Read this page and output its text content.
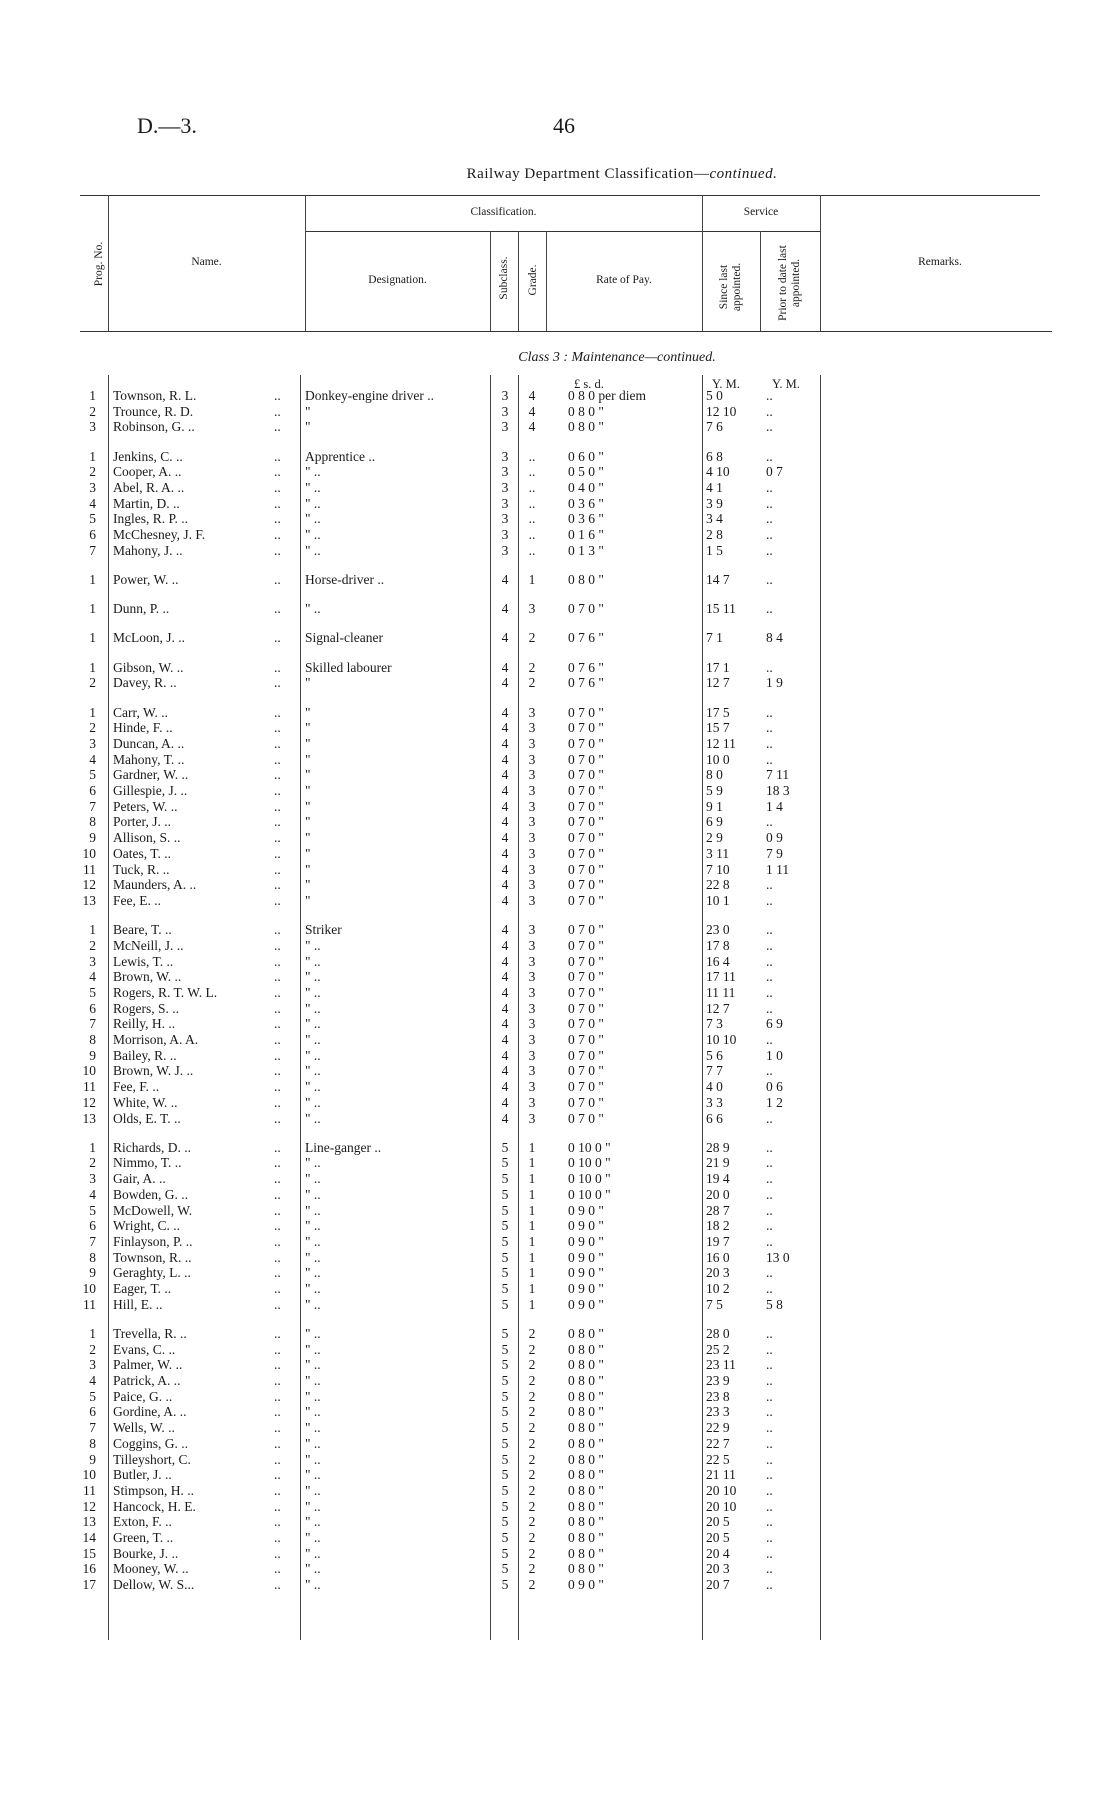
D.—3.	46
Railway Department Classification—continued.
Prog. No.	Name.
Classification.
Designation.	Subclass. Grade.	Rate of Pay.
Service
Since last appointed.	Prior to date last appointed.	Remarks.
Class 3 : Maintenance—continued.
£ s. d.	Y. M.	Y. M.
1 Townson, R. L.	..	Donkey-engine driver ..	3	4	0 8 0 per diem	5 0	..
2 Trounce, R. D.	..	"	3	4	0 8 0 "	12 10	..
3 Robinson, G. ..	..	"	3	4	0 8 0 "	7 6	..
1 Jenkins, C. ..	..	Apprentice ..	3	..	0 6 0 "	6 8	..
2 Cooper, A. ..	..	" ..	3	..	0 5 0 "	4 10	0 7
3 Abel, R. A. ..	..	" ..	3	..	0 4 0 "	4 1	..
4 Martin, D. ..	..	" ..	3	..	0 3 6 "	3 9	..
5 Ingles, R. P. ..	..	" ..	3	..	0 3 6 "	3 4	..
6 McChesney, J. F.	..	" ..	3	..	0 1 6 "	2 8	..
7 Mahony, J. ..	..	" ..	3	..	0 1 3 "	1 5	..
1 Power, W. ..	..	Horse-driver ..	4	1	0 8 0 "	14 7	..
1 Dunn, P. ..	..	" ..	4	3	0 7 0 "	15 11	..
1 McLoon, J. ..	..	Signal-cleaner	4	2	0 7 6 "	7 1	8 4
1 Gibson, W. ..	..	Skilled labourer	4	2	0 7 6 "	17 1	..
2 Davey, R. ..	..	"	4	2	0 7 6 "	12 7	1 9
1 Carr, W. ..	..	"	4	3	0 7 0 "	17 5	..
2 Hinde, F. ..	..	"	4	3	0 7 0 "	15 7	..
3 Duncan, A. ..	..	"	4	3	0 7 0 "	12 11	..
4 Mahony, T. ..	..	"	4	3	0 7 0 "	10 0	..
5 Gardner, W. ..	..	"	4	3	0 7 0 "	8 0	7 11
6 Gillespie, J. ..	..	"	4	3	0 7 0 "	5 9	18 3
7 Peters, W. ..	..	"	4	3	0 7 0 "	9 1	1 4
8 Porter, J. ..	..	"	4	3	0 7 0 "	6 9	..
9 Allison, S. ..	..	"	4	3	0 7 0 "	2 9	0 9
10 Oates, T. ..	..	"	4	3	0 7 0 "	3 11	7 9
11 Tuck, R. ..	..	"	4	3	0 7 0 "	7 10	1 11
12 Maunders, A. ..	..	"	4	3	0 7 0 "	22 8	..
13 Fee, E. ..	..	"	4	3	0 7 0 "	10 1	..
1 Beare, T. ..	..	Striker	4	3	0 7 0 "	23 0	..
2 McNeill, J. ..	..	" ..	4	3	0 7 0 "	17 8	..
3 Lewis, T. ..	..	" ..	4	3	0 7 0 "	16 4	..
4 Brown, W. ..	..	" ..	4	3	0 7 0 "	17 11	..
5 Rogers, R. T. W. L.	..	" ..	4	3	0 7 0 "	11 11	..
6 Rogers, S. ..	..	" ..	4	3	0 7 0 "	12 7	..
7 Reilly, H. ..	..	" ..	4	3	0 7 0 "	7 3	6 9
8 Morrison, A. A.	..	" ..	4	3	0 7 0 "	10 10	..
9 Bailey, R. ..	..	" ..	4	3	0 7 0 "	5 6	1 0
10 Brown, W. J. ..	..	" ..	4	3	0 7 0 "	7 7	..
11 Fee, F. ..	..	" ..	4	3	0 7 0 "	4 0	0 6
12 White, W. ..	..	" ..	4	3	0 7 0 "	3 3	1 2
13 Olds, E. T. ..	..	" ..	4	3	0 7 0 "	6 6	..
1 Richards, D. ..	..	Line-ganger ..	5	1	0 10 0 "	28 9	..
2 Nimmo, T. ..	..	" ..	5	1	0 10 0 "	21 9	..
3 Gair, A. ..	..	" ..	5	1	0 10 0 "	19 4	..
4 Bowden, G. ..	..	" ..	5	1	0 10 0 "	20 0	..
5 McDowell, W.	..	" ..	5	1	0 9 0 "	28 7	..
6 Wright, C. ..	..	" ..	5	1	0 9 0 "	18 2	..
7 Finlayson, P. ..	..	" ..	5	1	0 9 0 "	19 7	..
8 Townson, R. ..	..	" ..	5	1	0 9 0 "	16 0	13 0
9 Geraghty, L. ..	..	" ..	5	1	0 9 0 "	20 3	..
10 Eager, T. ..	..	" ..	5	1	0 9 0 "	10 2	..
11 Hill, E. ..	..	" ..	5	1	0 9 0 "	7 5	5 8
1 Trevella, R. ..	..	" ..	5	2	0 8 0 "	28 0	..
2 Evans, C. ..	..	" ..	5	2	0 8 0 "	25 2	..
3 Palmer, W. ..	..	" ..	5	2	0 8 0 "	23 11	..
4 Patrick, A. ..	..	" ..	5	2	0 8 0 "	23 9	..
5 Paice, G. ..	..	" ..	5	2	0 8 0 "	23 8	..
6 Gordine, A. ..	..	" ..	5	2	0 8 0 "	23 3	..
7 Wells, W. ..	..	" ..	5	2	0 8 0 "	22 9	..
8 Coggins, G. ..	..	" ..	5	2	0 8 0 "	22 7	..
9 Tilleyshort, C.	..	" ..	5	2	0 8 0 "	22 5	..
10 Butler, J. ..	..	" ..	5	2	0 8 0 "	21 11	..
11 Stimpson, H. ..	..	" ..	5	2	0 8 0 "	20 10	..
12 Hancock, H. E.	..	" ..	5	2	0 8 0 "	20 10	..
13 Exton, F. ..	..	" ..	5	2	0 8 0 "	20 5	..
14 Green, T. ..	..	" ..	5	2	0 8 0 "	20 5	..
15 Bourke, J. ..	..	" ..	5	2	0 8 0 "	20 4	..
16 Mooney, W. ..	..	" ..	5	2	0 8 0 "	20 3	..
17 Dellow, W. S...	..	" ..	5	2	0 9 0 "	20 7	..
